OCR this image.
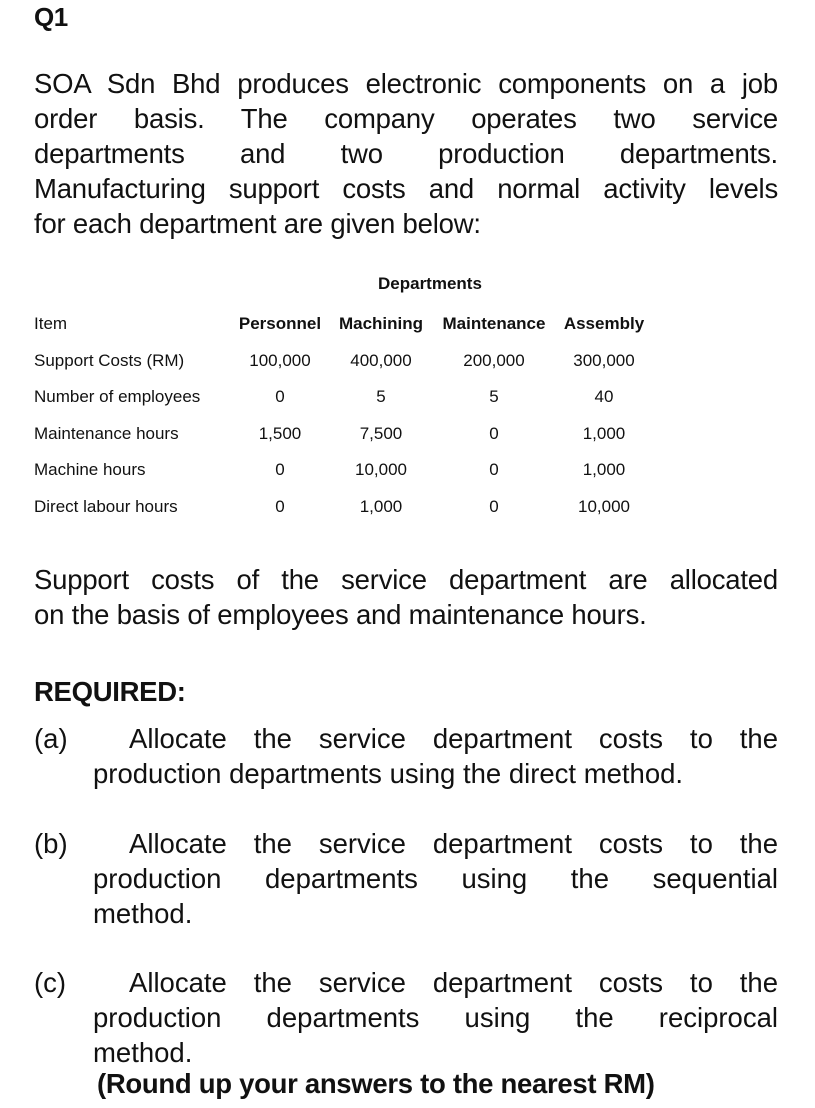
Q1
SOA Sdn Bhd produces electronic components on a job
order basis. The company operates two service
departments and two production departments.
Manufacturing support costs and normal activity levels
for each department are given below:
Departments
Item	Personnel	Machining	Maintenance	Assembly
Support Costs (RM)	100,000	400,000	200,000	300,000
Number of employees	0	5	5	40
Maintenance hours	1,500	7,500	0	1,000
Machine hours	0	10,000	0	1,000
Direct labour hours	0	1,000	0	10,000
Support costs of the service department are allocated
on the basis of employees and maintenance hours.
REQUIRED:
(a) Allocate the service department costs to the
production departments using the direct method.
(b) Allocate the service department costs to the
production departments using the sequential
method.
(c) Allocate the service department costs to the
production departments using the reciprocal
method.
(Round up your answers to the nearest RM)
